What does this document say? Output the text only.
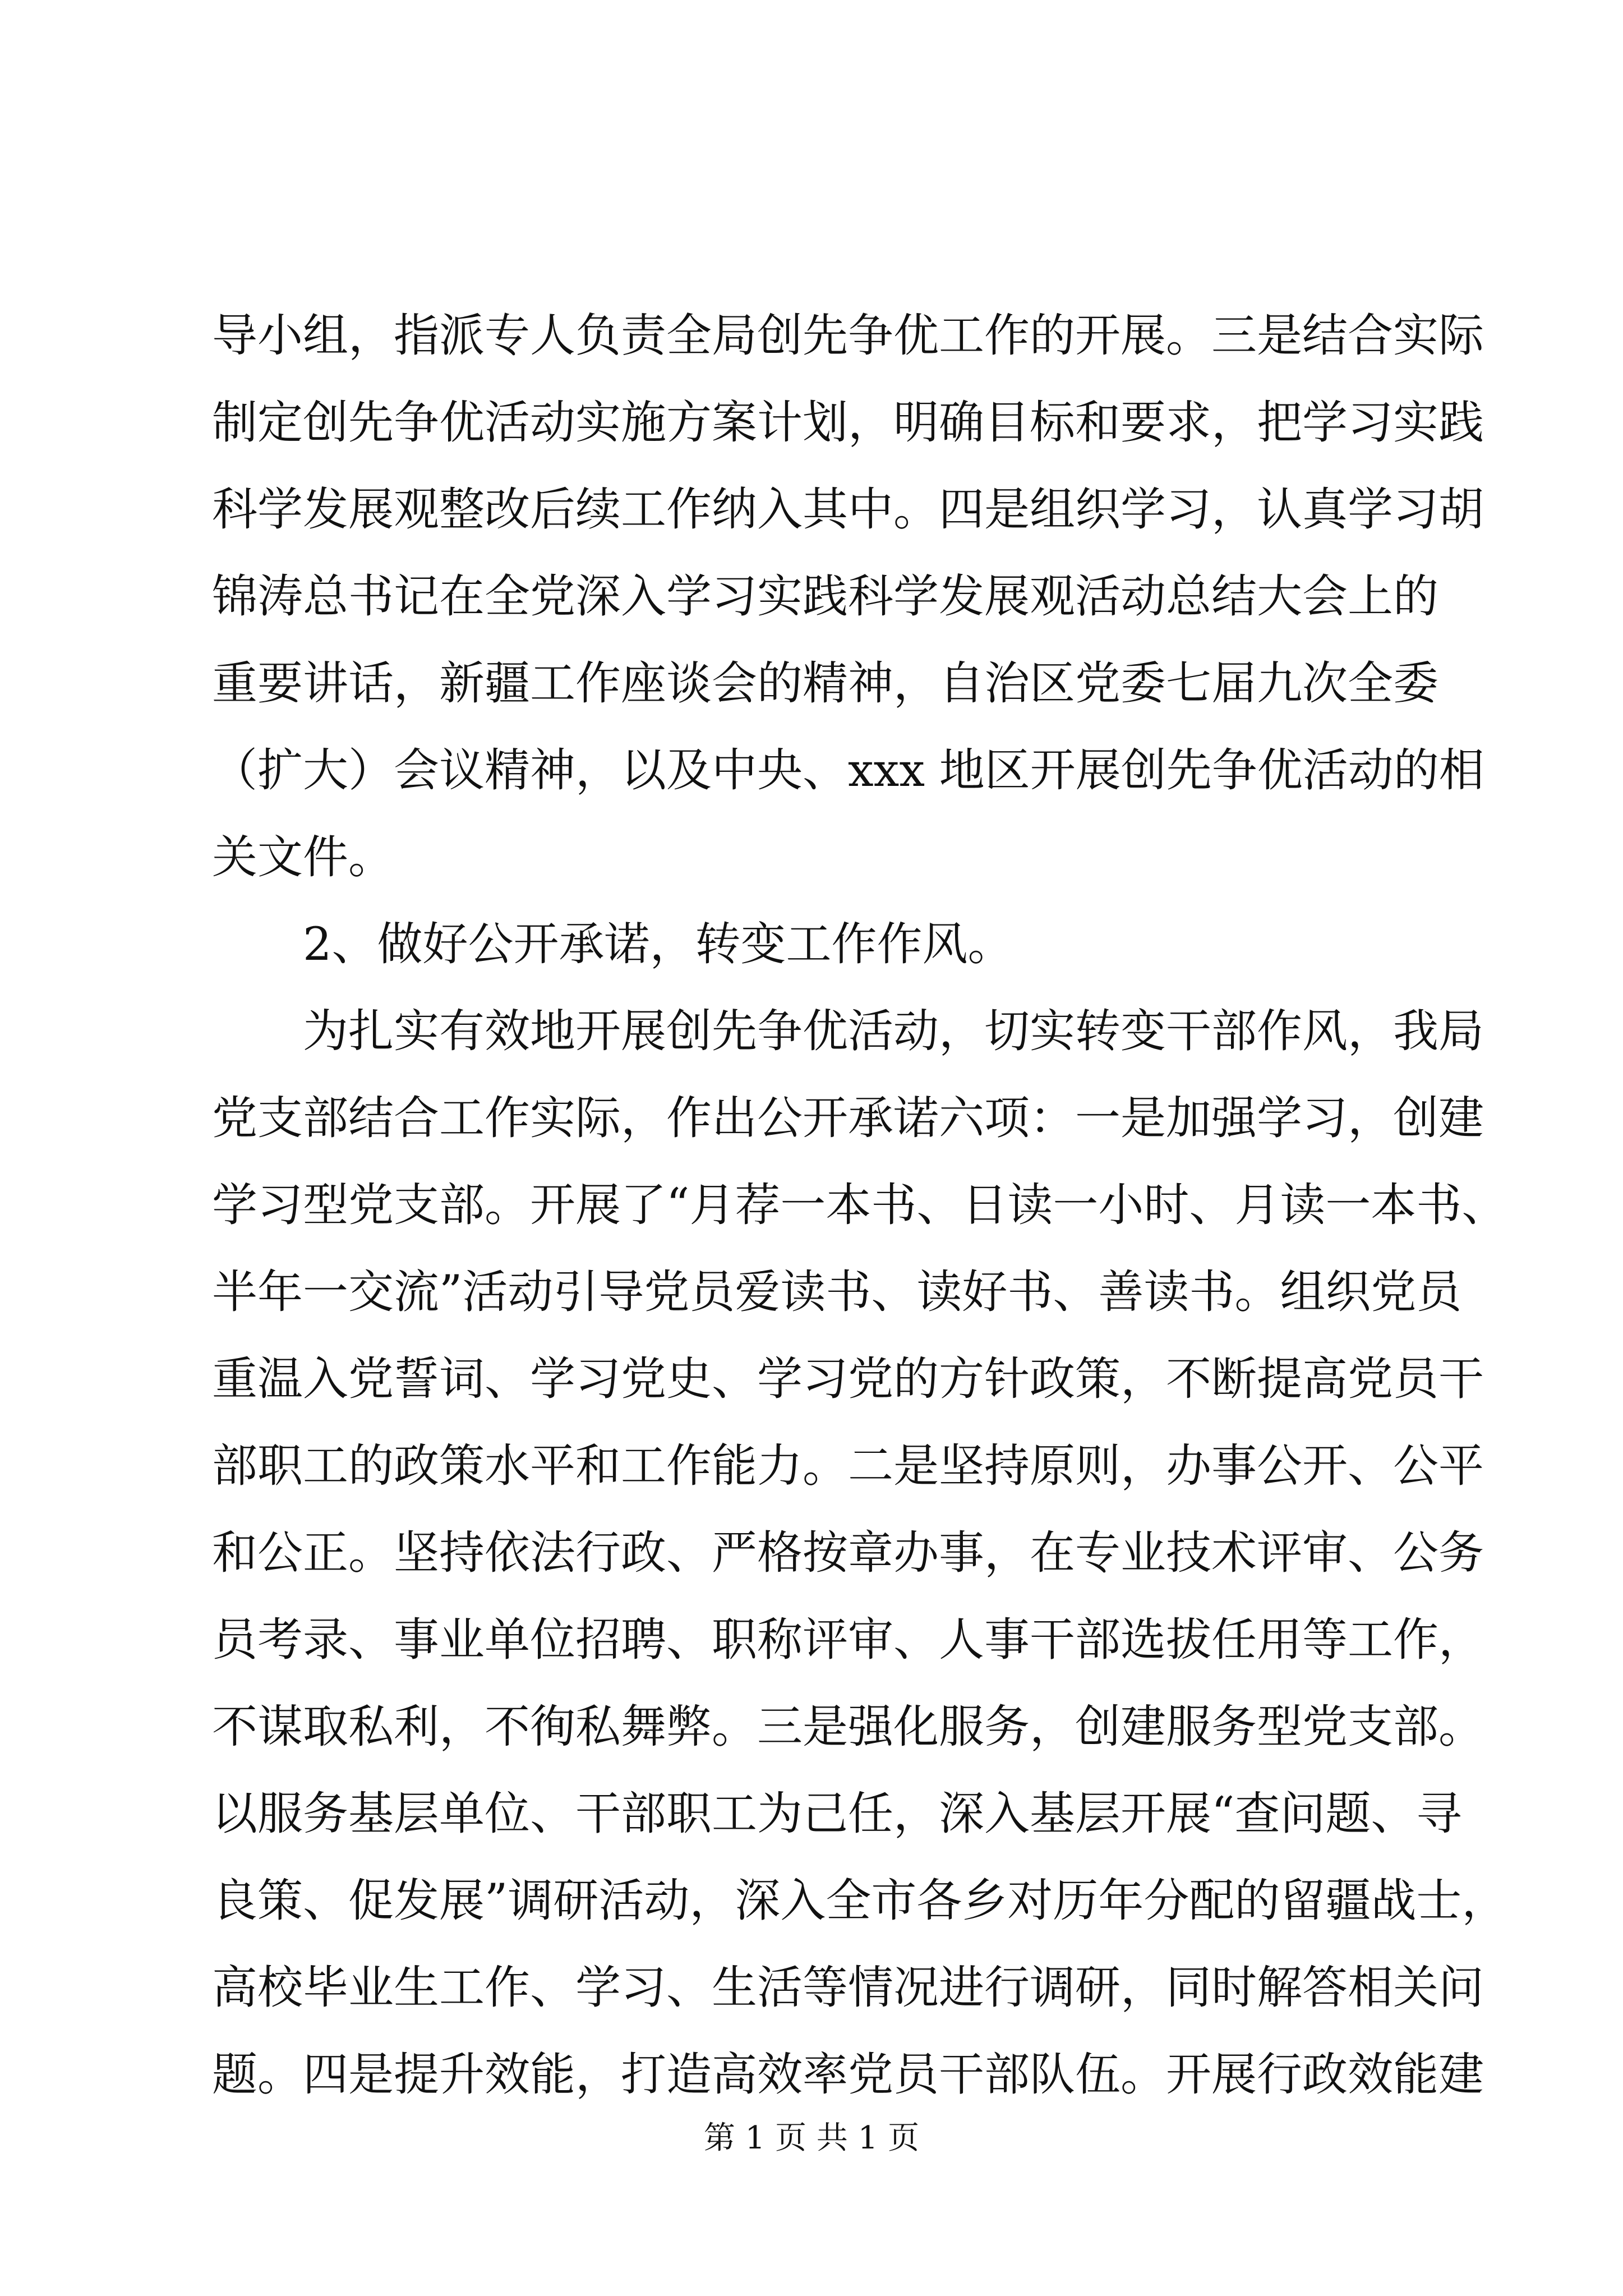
导小组，指派专人负责全局创先争优工作的开展。三是结合实际
制定创先争优活动实施方案计划，明确目标和要求，把学习实践
科学发展观整改后续工作纳入其中。四是组织学习，认真学习胡
锦涛总书记在全党深入学习实践科学发展观活动总结大会上的
重要讲话，新疆工作座谈会的精神，自治区党委七届九次全委
（扩大）会议精神，以及中央、xxx 地区开展创先争优活动的相
关文件。
2、做好公开承诺，转变工作作风。
为扎实有效地开展创先争优活动，切实转变干部作风，我局
党支部结合工作实际，作出公开承诺六项：一是加强学习，创建
学习型党支部。开展了“月荐一本书、日读一小时、月读一本书、
半年一交流”活动引导党员爱读书、读好书、善读书。组织党员
重温入党誓词、学习党史、学习党的方针政策，不断提高党员干
部职工的政策水平和工作能力。二是坚持原则，办事公开、公平
和公正。坚持依法行政、严格按章办事，在专业技术评审、公务
员考录、事业单位招聘、职称评审、人事干部选拔任用等工作，
不谋取私利，不徇私舞弊。三是强化服务，创建服务型党支部。
以服务基层单位、干部职工为己任，深入基层开展“查问题、寻
良策、促发展”调研活动，深入全市各乡对历年分配的留疆战士，
高校毕业生工作、学习、生活等情况进行调研，同时解答相关问
题。四是提升效能，打造高效率党员干部队伍。开展行政效能建
第 1 页 共 1 页
